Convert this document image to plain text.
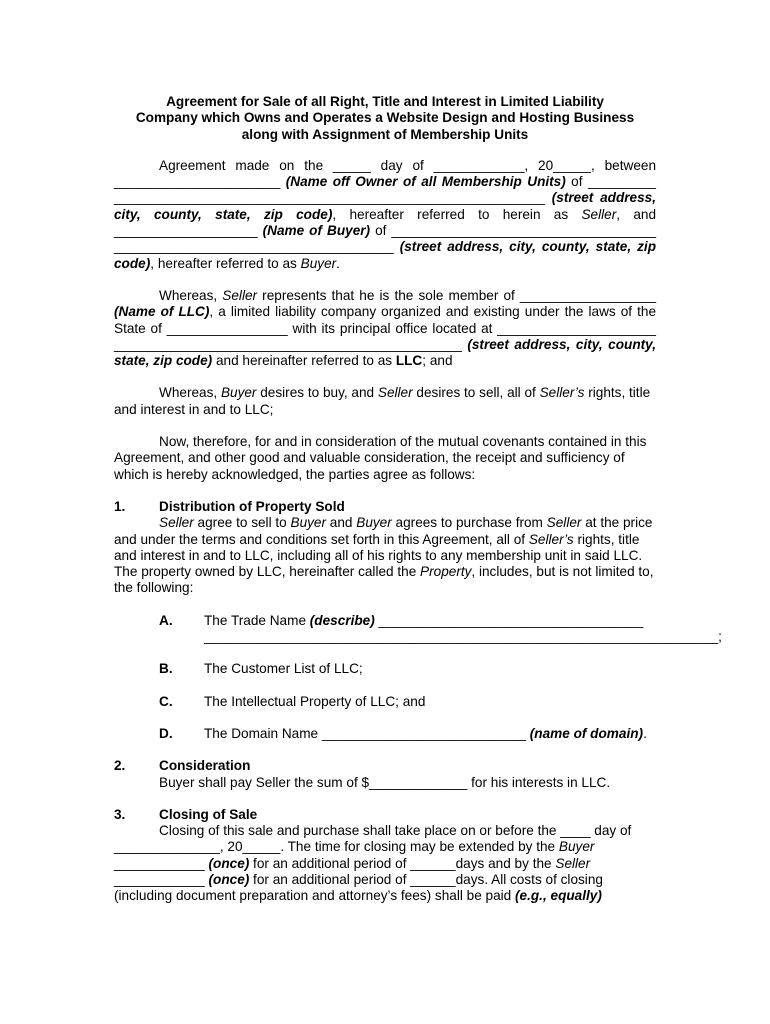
Agreement for Sale of all Right, Title and Interest in Limited Liability
Company which Owns and Operates a Website Design and Hosting Business
along with Assignment of Membership Units

Agreement made on the _____ day of ____________, 20_____, between ______________________ (Name off Owner of all Membership Units) of _________ _________________________________________________________ (street address, city, county, state, zip code), hereafter referred to herein as Seller, and ___________________ (Name of Buyer) of ___________________________________ _____________________________________ (street address, city, county, state, zip code), hereafter referred to as Buyer.

Whereas, Seller represents that he is the sole member of __________________ (Name of LLC), a limited liability company organized and existing under the laws of the State of ________________ with its principal office located at _____________________ ______________________________________________ (street address, city, county, state, zip code) and hereinafter referred to as LLC; and

Whereas, Buyer desires to buy, and Seller desires to sell, all of Seller’s rights, title and interest in and to LLC;

Now, therefore, for and in consideration of the mutual covenants contained in this Agreement, and other good and valuable consideration, the receipt and sufficiency of which is hereby acknowledged, the parties agree as follows:

1.	Distribution of Property Sold

Seller agree to sell to Buyer and Buyer agrees to purchase from Seller at the price and under the terms and conditions set forth in this Agreement, all of Seller’s rights, title and interest in and to LLC, including all of his rights to any membership unit in said LLC. The property owned by LLC, hereinafter called the Property, includes, but is not limited to, the following:

A.	The Trade Name (describe) ___________________________________
____________________________________________________________________;
B.	The Customer List of LLC;
C.	The Intellectual Property of LLC; and
D.	The Domain Name ___________________________ (name of domain).
2.	Consideration

Buyer shall pay Seller the sum of $_____________ for his interests in LLC.

3.	Closing of Sale

Closing of this sale and purchase shall take place on or before the ____ day of ______________, 20_____. The time for closing may be extended by the Buyer ____________ (once) for an additional period of ______days and by the Seller ____________ (once) for an additional period of ______days. All costs of closing (including document preparation and attorney’s fees) shall be paid (e.g., equally)
